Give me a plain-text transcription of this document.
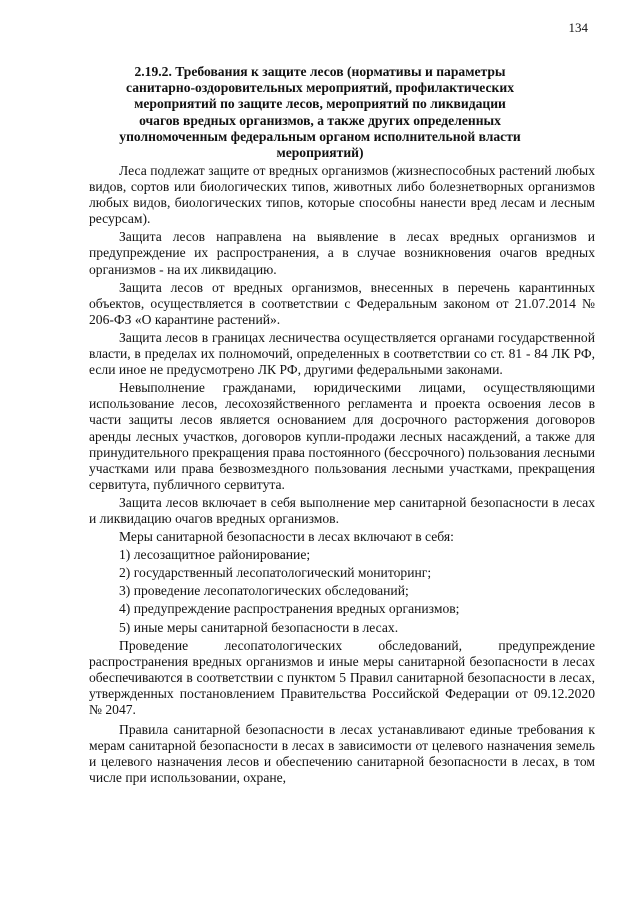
134
2.19.2. Требования к защите лесов (нормативы и параметры санитарно-оздоровительных мероприятий, профилактических мероприятий по защите лесов, мероприятий по ликвидации очагов вредных организмов, а также других определенных уполномоченным федеральным органом исполнительной власти мероприятий)

Леса подлежат защите от вредных организмов (жизнеспособных растений любых видов, сортов или биологических типов, животных либо болезнетворных организмов любых видов, биологических типов, которые способны нанести вред лесам и лесным ресурсам).

Защита лесов направлена на выявление в лесах вредных организмов и предупреждение их распространения, а в случае возникновения очагов вредных организмов - на их ликвидацию.

Защита лесов от вредных организмов, внесенных в перечень карантинных объектов, осуществляется в соответствии с Федеральным законом от 21.07.2014 № 206-ФЗ «О карантине растений».

Защита лесов в границах лесничества осуществляется органами государственной власти, в пределах их полномочий, определенных в соответствии со ст. 81 - 84 ЛК РФ, если иное не предусмотрено ЛК РФ, другими федеральными законами.

Невыполнение гражданами, юридическими лицами, осуществляющими использование лесов, лесохозяйственного регламента и проекта освоения лесов в части защиты лесов является основанием для досрочного расторжения договоров аренды лесных участков, договоров купли-продажи лесных насаждений, а также для принудительного прекращения права постоянного (бессрочного) пользования лесными участками или права безвозмездного пользования лесными участками, прекращения сервитута, публичного сервитута.

Защита лесов включает в себя выполнение мер санитарной безопасности в лесах и ликвидацию очагов вредных организмов.

Меры санитарной безопасности в лесах включают в себя:

1) лесозащитное районирование;

2) государственный лесопатологический мониторинг;

3) проведение лесопатологических обследований;

4) предупреждение распространения вредных организмов;

5) иные меры санитарной безопасности в лесах.

Проведение лесопатологических обследований, предупреждение распространения вредных организмов и иные меры санитарной безопасности в лесах обеспечиваются в соответствии с пунктом 5 Правил санитарной безопасности в лесах, утвержденных постановлением Правительства Российской Федерации от 09.12.2020 № 2047.

Правила санитарной безопасности в лесах устанавливают единые требования к мерам санитарной безопасности в лесах в зависимости от целевого назначения земель и целевого назначения лесов и обеспечению санитарной безопасности в лесах, в том числе при использовании, охране,
